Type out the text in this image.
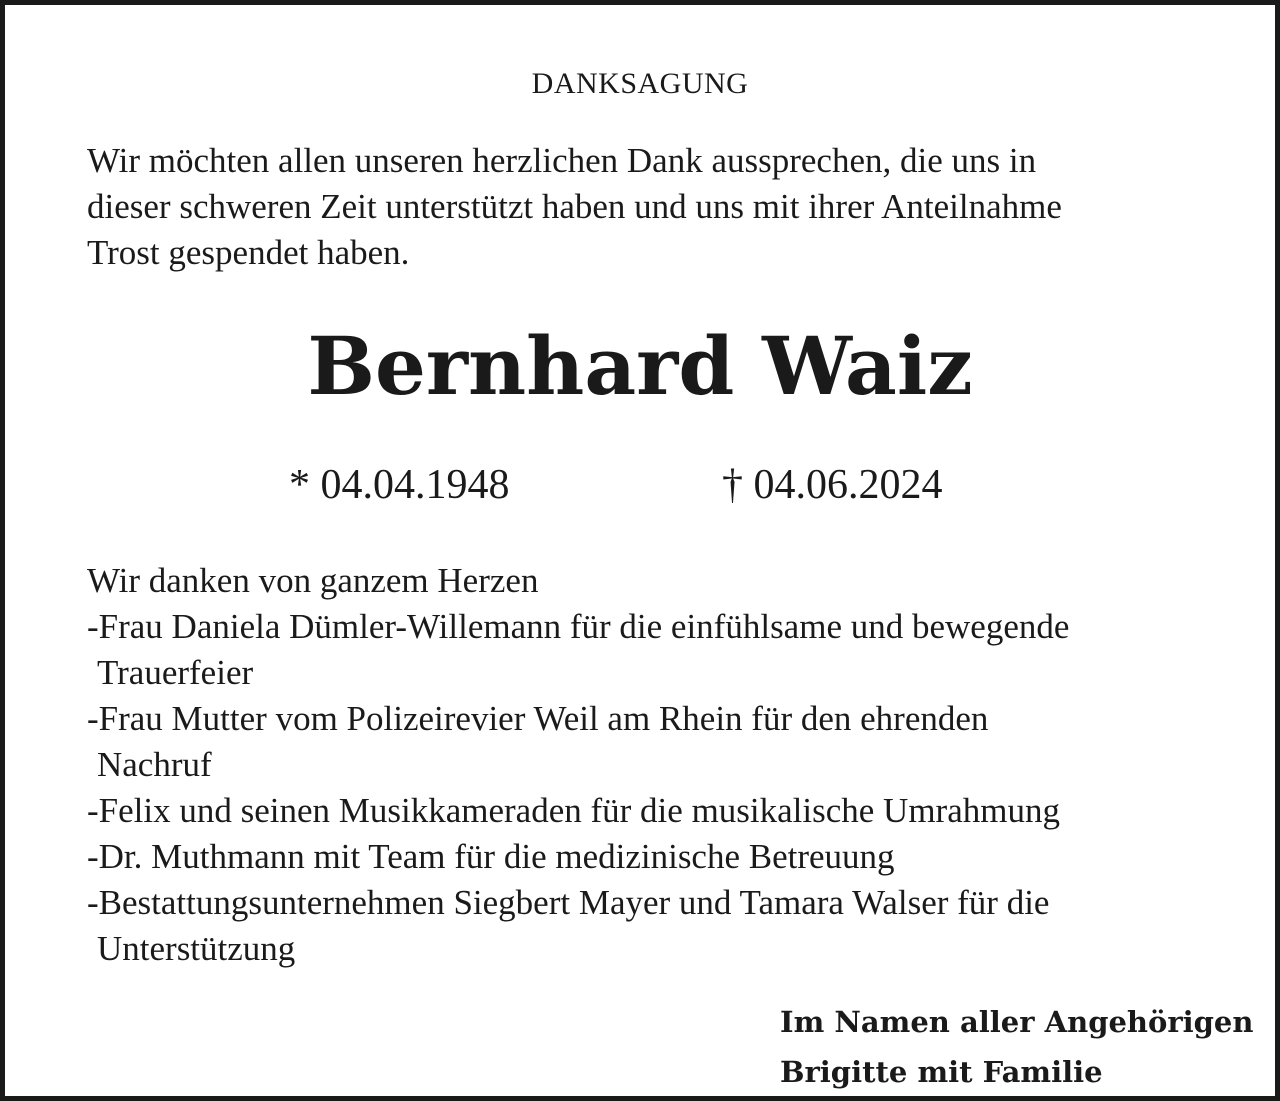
DANKSAGUNG

Wir möchten allen unseren herzlichen Dank aussprechen, die uns in
dieser schweren Zeit unterstützt haben und uns mit ihrer Anteilnahme
Trost gespendet haben.

Bernhard Waiz
* 04.04.1948	† 04.06.2024

Wir danken von ganzem Herzen
-Frau Daniela Dümler-Willemann für die einfühlsame und bewegende
Trauerfeier
-Frau Mutter vom Polizeirevier Weil am Rhein für den ehrenden
Nachruf
-Felix und seinen Musikkameraden für die musikalische Umrahmung
-Dr. Muthmann mit Team für die medizinische Betreuung
-Bestattungsunternehmen Siegbert Mayer und Tamara Walser für die
Unterstützung

Im Namen aller Angehörigen
Brigitte mit Familie
